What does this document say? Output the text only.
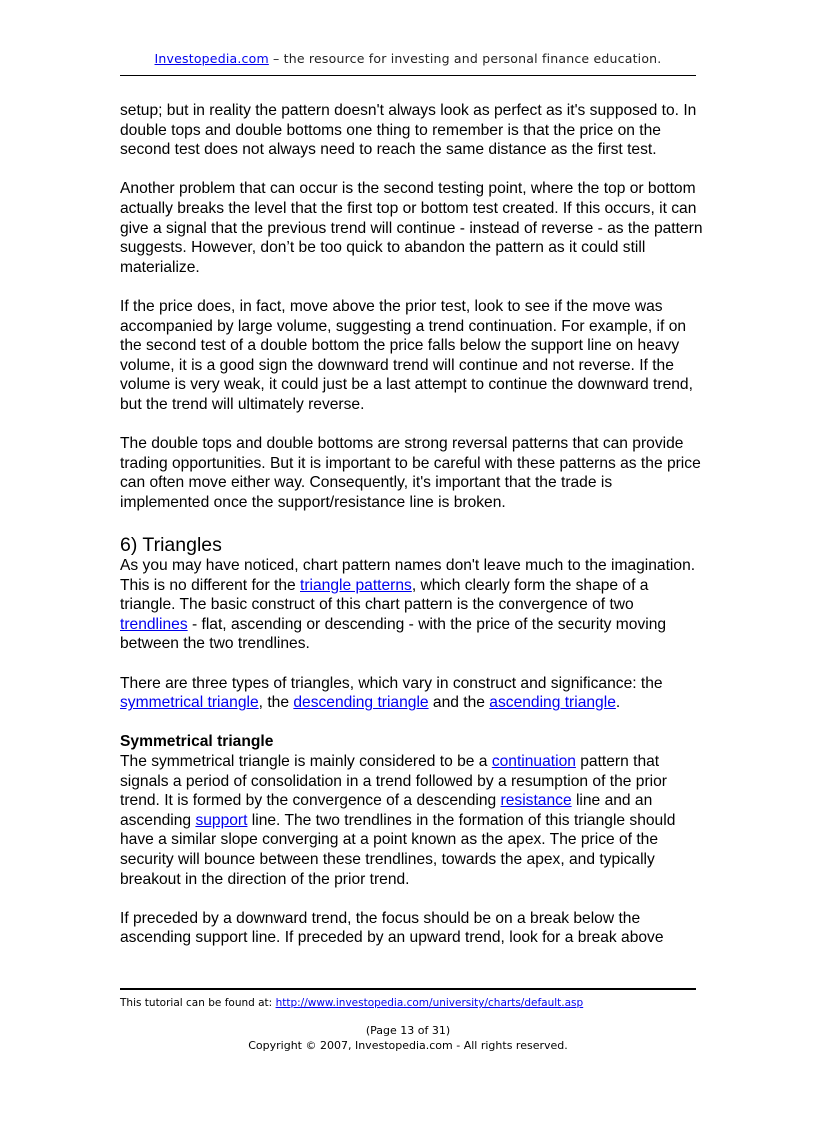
Investopedia.com – the resource for investing and personal finance education.

setup; but in reality the pattern doesn't always look as perfect as it's supposed to. In double tops and double bottoms one thing to remember is that the price on the second test does not always need to reach the same distance as the first test.

Another problem that can occur is the second testing point, where the top or bottom actually breaks the level that the first top or bottom test created. If this occurs, it can give a signal that the previous trend will continue - instead of reverse - as the pattern suggests. However, don’t be too quick to abandon the pattern as it could still materialize.

If the price does, in fact, move above the prior test, look to see if the move was accompanied by large volume, suggesting a trend continuation. For example, if on the second test of a double bottom the price falls below the support line on heavy volume, it is a good sign the downward trend will continue and not reverse. If the volume is very weak, it could just be a last attempt to continue the downward trend, but the trend will ultimately reverse.

The double tops and double bottoms are strong reversal patterns that can provide trading opportunities. But it is important to be careful with these patterns as the price can often move either way. Consequently, it's important that the trade is implemented once the support/resistance line is broken.

6) Triangles

As you may have noticed, chart pattern names don't leave much to the imagination. This is no different for the triangle patterns, which clearly form the shape of a triangle. The basic construct of this chart pattern is the convergence of two trendlines - flat, ascending or descending - with the price of the security moving between the two trendlines.

There are three types of triangles, which vary in construct and significance: the symmetrical triangle, the descending triangle and the ascending triangle.

Symmetrical triangle

The symmetrical triangle is mainly considered to be a continuation pattern that signals a period of consolidation in a trend followed by a resumption of the prior trend. It is formed by the convergence of a descending resistance line and an ascending support line. The two trendlines in the formation of this triangle should have a similar slope converging at a point known as the apex. The price of the security will bounce between these trendlines, towards the apex, and typically breakout in the direction of the prior trend.

If preceded by a downward trend, the focus should be on a break below the ascending support line. If preceded by an upward trend, look for a break above

This tutorial can be found at: http://www.investopedia.com/university/charts/default.asp
(Page 13 of 31)
Copyright © 2007, Investopedia.com - All rights reserved.
